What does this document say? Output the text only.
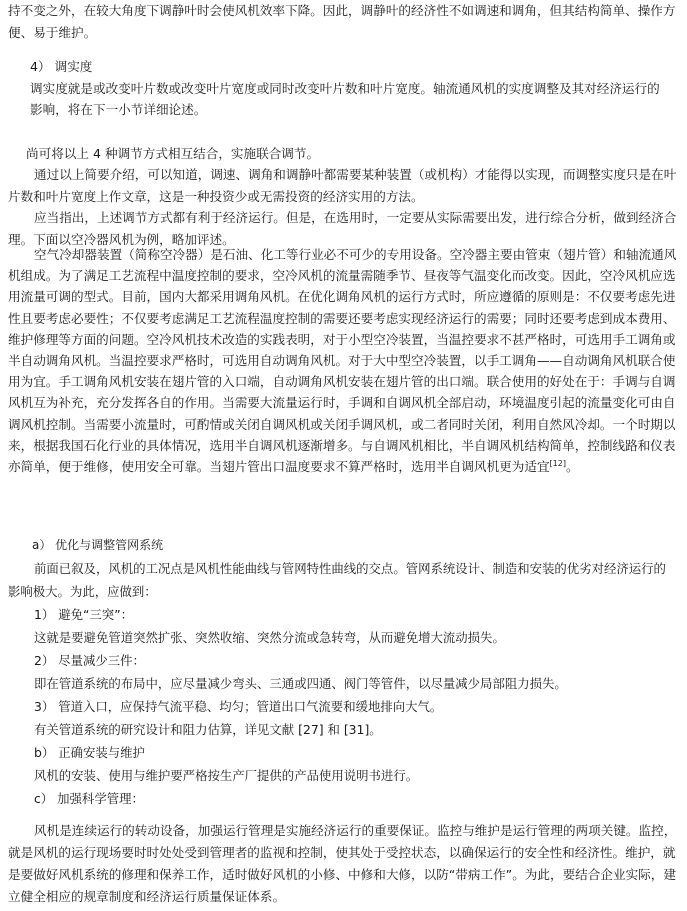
持不变之外，在较大角度下调静叶时会使风机效率下降。因此，调静叶的经济性不如调速和调角，但其结构简单、操作方便、易于维护。

4） 调实度

调实度就是或改变叶片数或改变叶片宽度或同时改变叶片数和叶片宽度。轴流通风机的实度调整及其对经济运行的影响，将在下一小节详细论述。

尚可将以上 4 种调节方式相互结合，实施联合调节。

通过以上简要介绍，可以知道，调速、调角和调静叶都需要某种装置（或机构）才能得以实现，而调整实度只是在叶片数和叶片宽度上作文章，这是一种投资少或无需投资的经济实用的方法。

应当指出，上述调节方式都有利于经济运行。但是，在选用时，一定要从实际需要出发，进行综合分析，做到经济合理。下面以空冷器风机为例，略加评述。

空气冷却器装置（简称空冷器）是石油、化工等行业必不可少的专用设备。空冷器主要由管束（翅片管）和轴流通风机组成。为了满足工艺流程中温度控制的要求，空冷风机的流量需随季节、昼夜等气温变化而改变。因此，空冷风机应选用流量可调的型式。目前，国内大都采用调角风机。在优化调角风机的运行方式时，所应遵循的原则是：不仅要考虑先进性且要考虑必要性；不仅要考虑满足工艺流程温度控制的需要还要考虑实现经济运行的需要；同时还要考虑到成本费用、维护修理等方面的问题。空冷风机技术改造的实践表明，对于小型空冷装置，当温控要求不甚严格时，可选用手工调角或半自动调角风机。当温控要求严格时，可选用自动调角风机。对于大中型空冷装置，以手工调角——自动调角风机联合使用为宜。手工调角风机安装在翅片管的入口端，自动调角风机安装在翅片管的出口端。联合使用的好处在于：手调与自调风机互为补充，充分发挥各自的作用。当需要大流量运行时，手调和自调风机全部启动，环境温度引起的流量变化可由自调风机控制。当需要小流量时，可酌情或关闭自调风机或关闭手调风机，或二者同时关闭，利用自然风冷却。一个时期以来，根据我国石化行业的具体情况，选用半自调风机逐渐增多。与自调风机相比，半自调风机结构简单，控制线路和仪表亦简单，便于维修，使用安全可靠。当翅片管出口温度要求不算严格时，选用半自调风机更为适宜[12]。

a） 优化与调整管网系统

前面已叙及，风机的工况点是风机性能曲线与管网特性曲线的交点。管网系统设计、制造和安装的优劣对经济运行的影响极大。为此，应做到：

1） 避免“三突”：

这就是要避免管道突然扩张、突然收缩、突然分流或急转弯，从而避免增大流动损失。

2） 尽量减少三件：

即在管道系统的布局中，应尽量减少弯头、三通或四通、阀门等管件，以尽量减少局部阻力损失。

3） 管道入口，应保持气流平稳、均匀；管道出口气流要和缓地排向大气。

有关管道系统的研究设计和阻力估算，详见文献 [27] 和 [31]。

b） 正确安装与维护

风机的安装、使用与维护要严格按生产厂提供的产品使用说明书进行。

c） 加强科学管理：

风机是连续运行的转动设备，加强运行管理是实施经济运行的重要保证。监控与维护是运行管理的两项关键。监控，就是风机的运行现场要时时处处受到管理者的监视和控制，使其处于受控状态，以确保运行的安全性和经济性。维护，就是要做好风机系统的修理和保养工作，适时做好风机的小修、中修和大修，以防“带病工作”。为此，要结合企业实际，建立健全相应的规章制度和经济运行质量保证体系。
